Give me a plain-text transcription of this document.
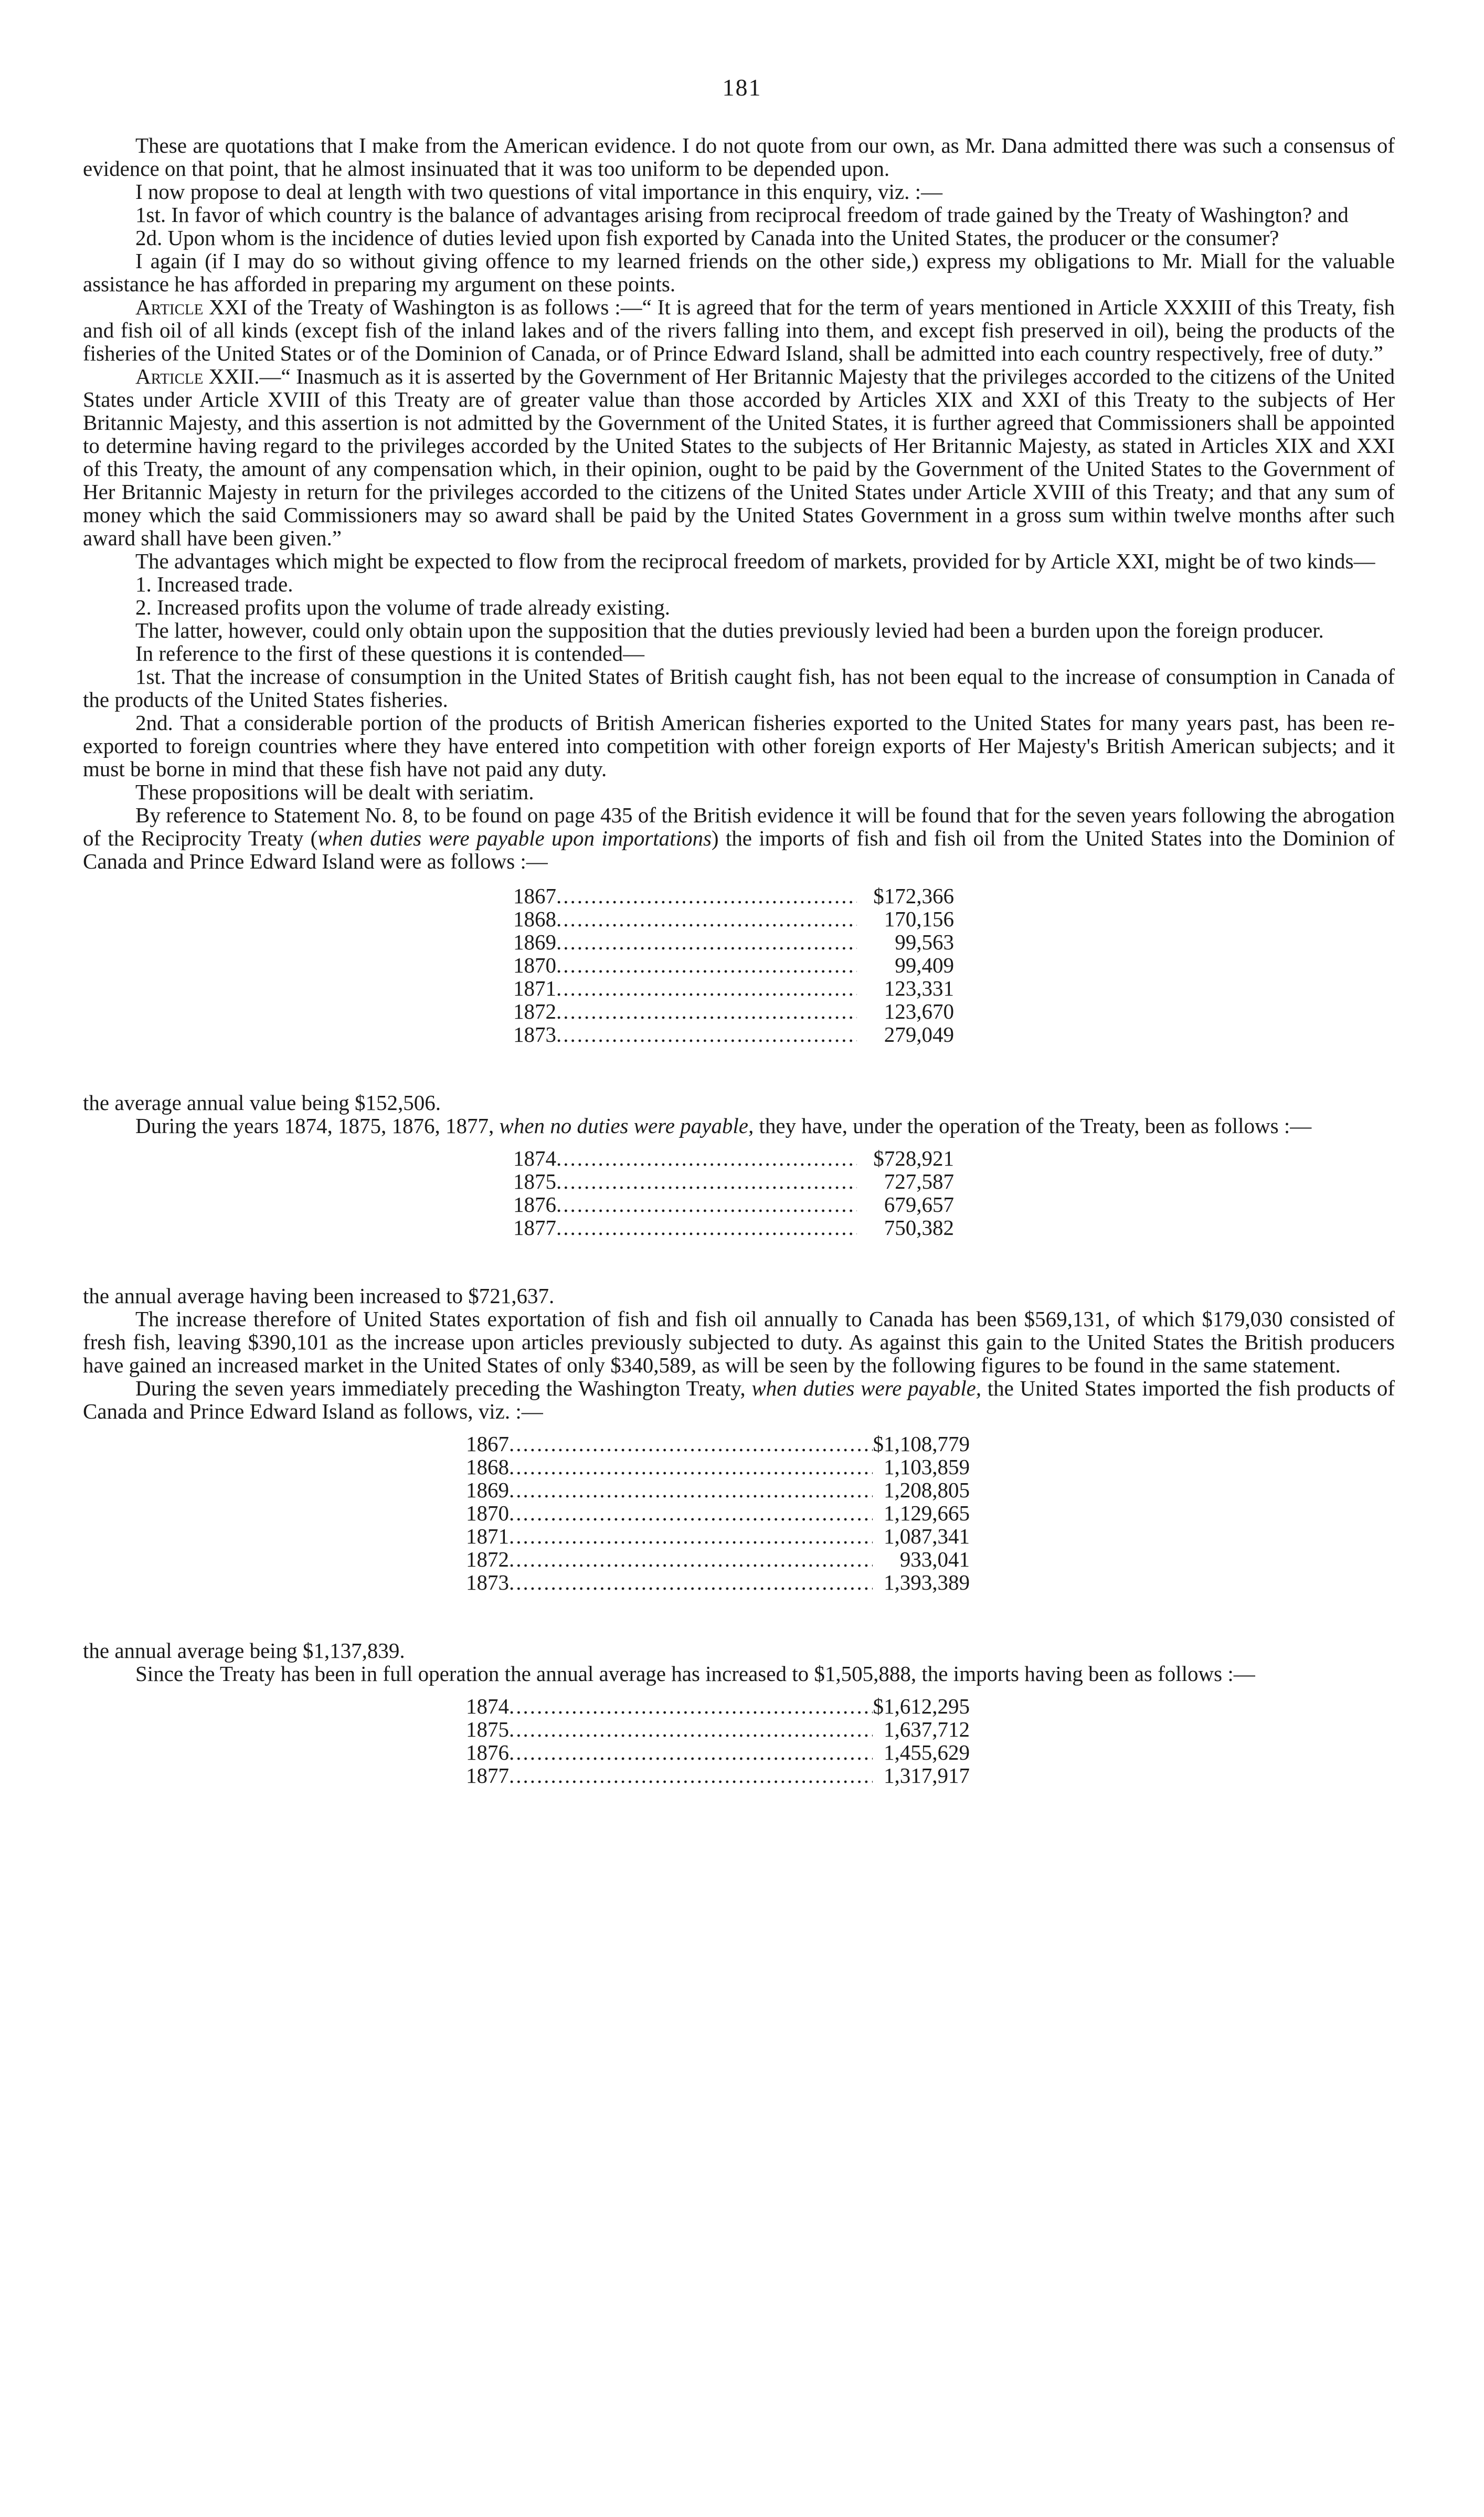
181

These are quotations that I make from the American evidence. I do not quote from our own, as Mr. Dana admitted there was such a consensus of evidence on that point, that he almost insinuated that it was too uniform to be depended upon.

I now propose to deal at length with two questions of vital importance in this enquiry, viz. :—

1st. In favor of which country is the balance of advantages arising from reciprocal freedom of trade gained by the Treaty of Washington? and

2d. Upon whom is the incidence of duties levied upon fish exported by Canada into the United States, the producer or the consumer?

I again (if I may do so without giving offence to my learned friends on the other side,) express my obligations to Mr. Miall for the valuable assistance he has afforded in preparing my argument on these points.

Article XXI of the Treaty of Washington is as follows :—“ It is agreed that for the term of years mentioned in Article XXXIII of this Treaty, fish and fish oil of all kinds (except fish of the inland lakes and of the rivers falling into them, and except fish preserved in oil), being the products of the fisheries of the United States or of the Dominion of Canada, or of Prince Edward Island, shall be admitted into each country respectively, free of duty.”

Article XXII.—“ Inasmuch as it is asserted by the Government of Her Britannic Majesty that the privileges accorded to the citizens of the United States under Article XVIII of this Treaty are of greater value than those accorded by Articles XIX and XXI of this Treaty to the subjects of Her Britannic Majesty, and this assertion is not admitted by the Government of the United States, it is further agreed that Commissioners shall be appointed to determine having regard to the privileges accorded by the United States to the subjects of Her Britannic Majesty, as stated in Articles XIX and XXI of this Treaty, the amount of any compensation which, in their opinion, ought to be paid by the Government of the United States to the Government of Her Britannic Majesty in return for the privileges accorded to the citizens of the United States under Article XVIII of this Treaty; and that any sum of money which the said Commissioners may so award shall be paid by the United States Government in a gross sum within twelve months after such award shall have been given.”

The advantages which might be expected to flow from the reciprocal freedom of markets, provided for by Article XXI, might be of two kinds—

1. Increased trade.

2. Increased profits upon the volume of trade already existing.

The latter, however, could only obtain upon the supposition that the duties previously levied had been a burden upon the foreign producer.

In reference to the first of these questions it is contended—

1st. That the increase of consumption in the United States of British caught fish, has not been equal to the increase of consumption in Canada of the products of the United States fisheries.

2nd. That a considerable portion of the products of British American fisheries exported to the United States for many years past, has been re-exported to foreign countries where they have entered into competition with other foreign exports of Her Majesty's British American subjects; and it must be borne in mind that these fish have not paid any duty.

These propositions will be dealt with seriatim.

By reference to Statement No. 8, to be found on page 435 of the British evidence it will be found that for the seven years following the abrogation of the Reciprocity Treaty (when duties were payable upon importations) the imports of fish and fish oil from the United States into the Dominion of Canada and Prince Edward Island were as follows :—

1867 .....	$172,366
1868 .....	170,156
1869 .....	99,563
1870 .....	99,409
1871 .....	123,331
1872 .....	123,670
1873 .....	279,049

the average annual value being $152,506.

During the years 1874, 1875, 1876, 1877, when no duties were payable, they have, under the operation of the Treaty, been as follows :—

1874 .....	$728,921
1875 .....	727,587
1876 .....	679,657
1877 .....	750,382

the annual average having been increased to $721,637.

The increase therefore of United States exportation of fish and fish oil annually to Canada has been $569,131, of which $179,030 consisted of fresh fish, leaving $390,101 as the increase upon articles previously subjected to duty. As against this gain to the United States the British producers have gained an increased market in the United States of only $340,589, as will be seen by the following figures to be found in the same statement.

During the seven years immediately preceding the Washington Treaty, when duties were payable, the United States imported the fish products of Canada and Prince Edward Island as follows, viz. :—

1867 .....	$1,108,779
1868 .....	1,103,859
1869 .....	1,208,805
1870 .....	1,129,665
1871 .....	1,087,341
1872 .....	933,041
1873 .....	1,393,389

the annual average being $1,137,839.

Since the Treaty has been in full operation the annual average has increased to $1,505,888, the imports having been as follows :—

1874 .....	$1,612,295
1875 .....	1,637,712
1876 .....	1,455,629
1877 .....	1,317,917
